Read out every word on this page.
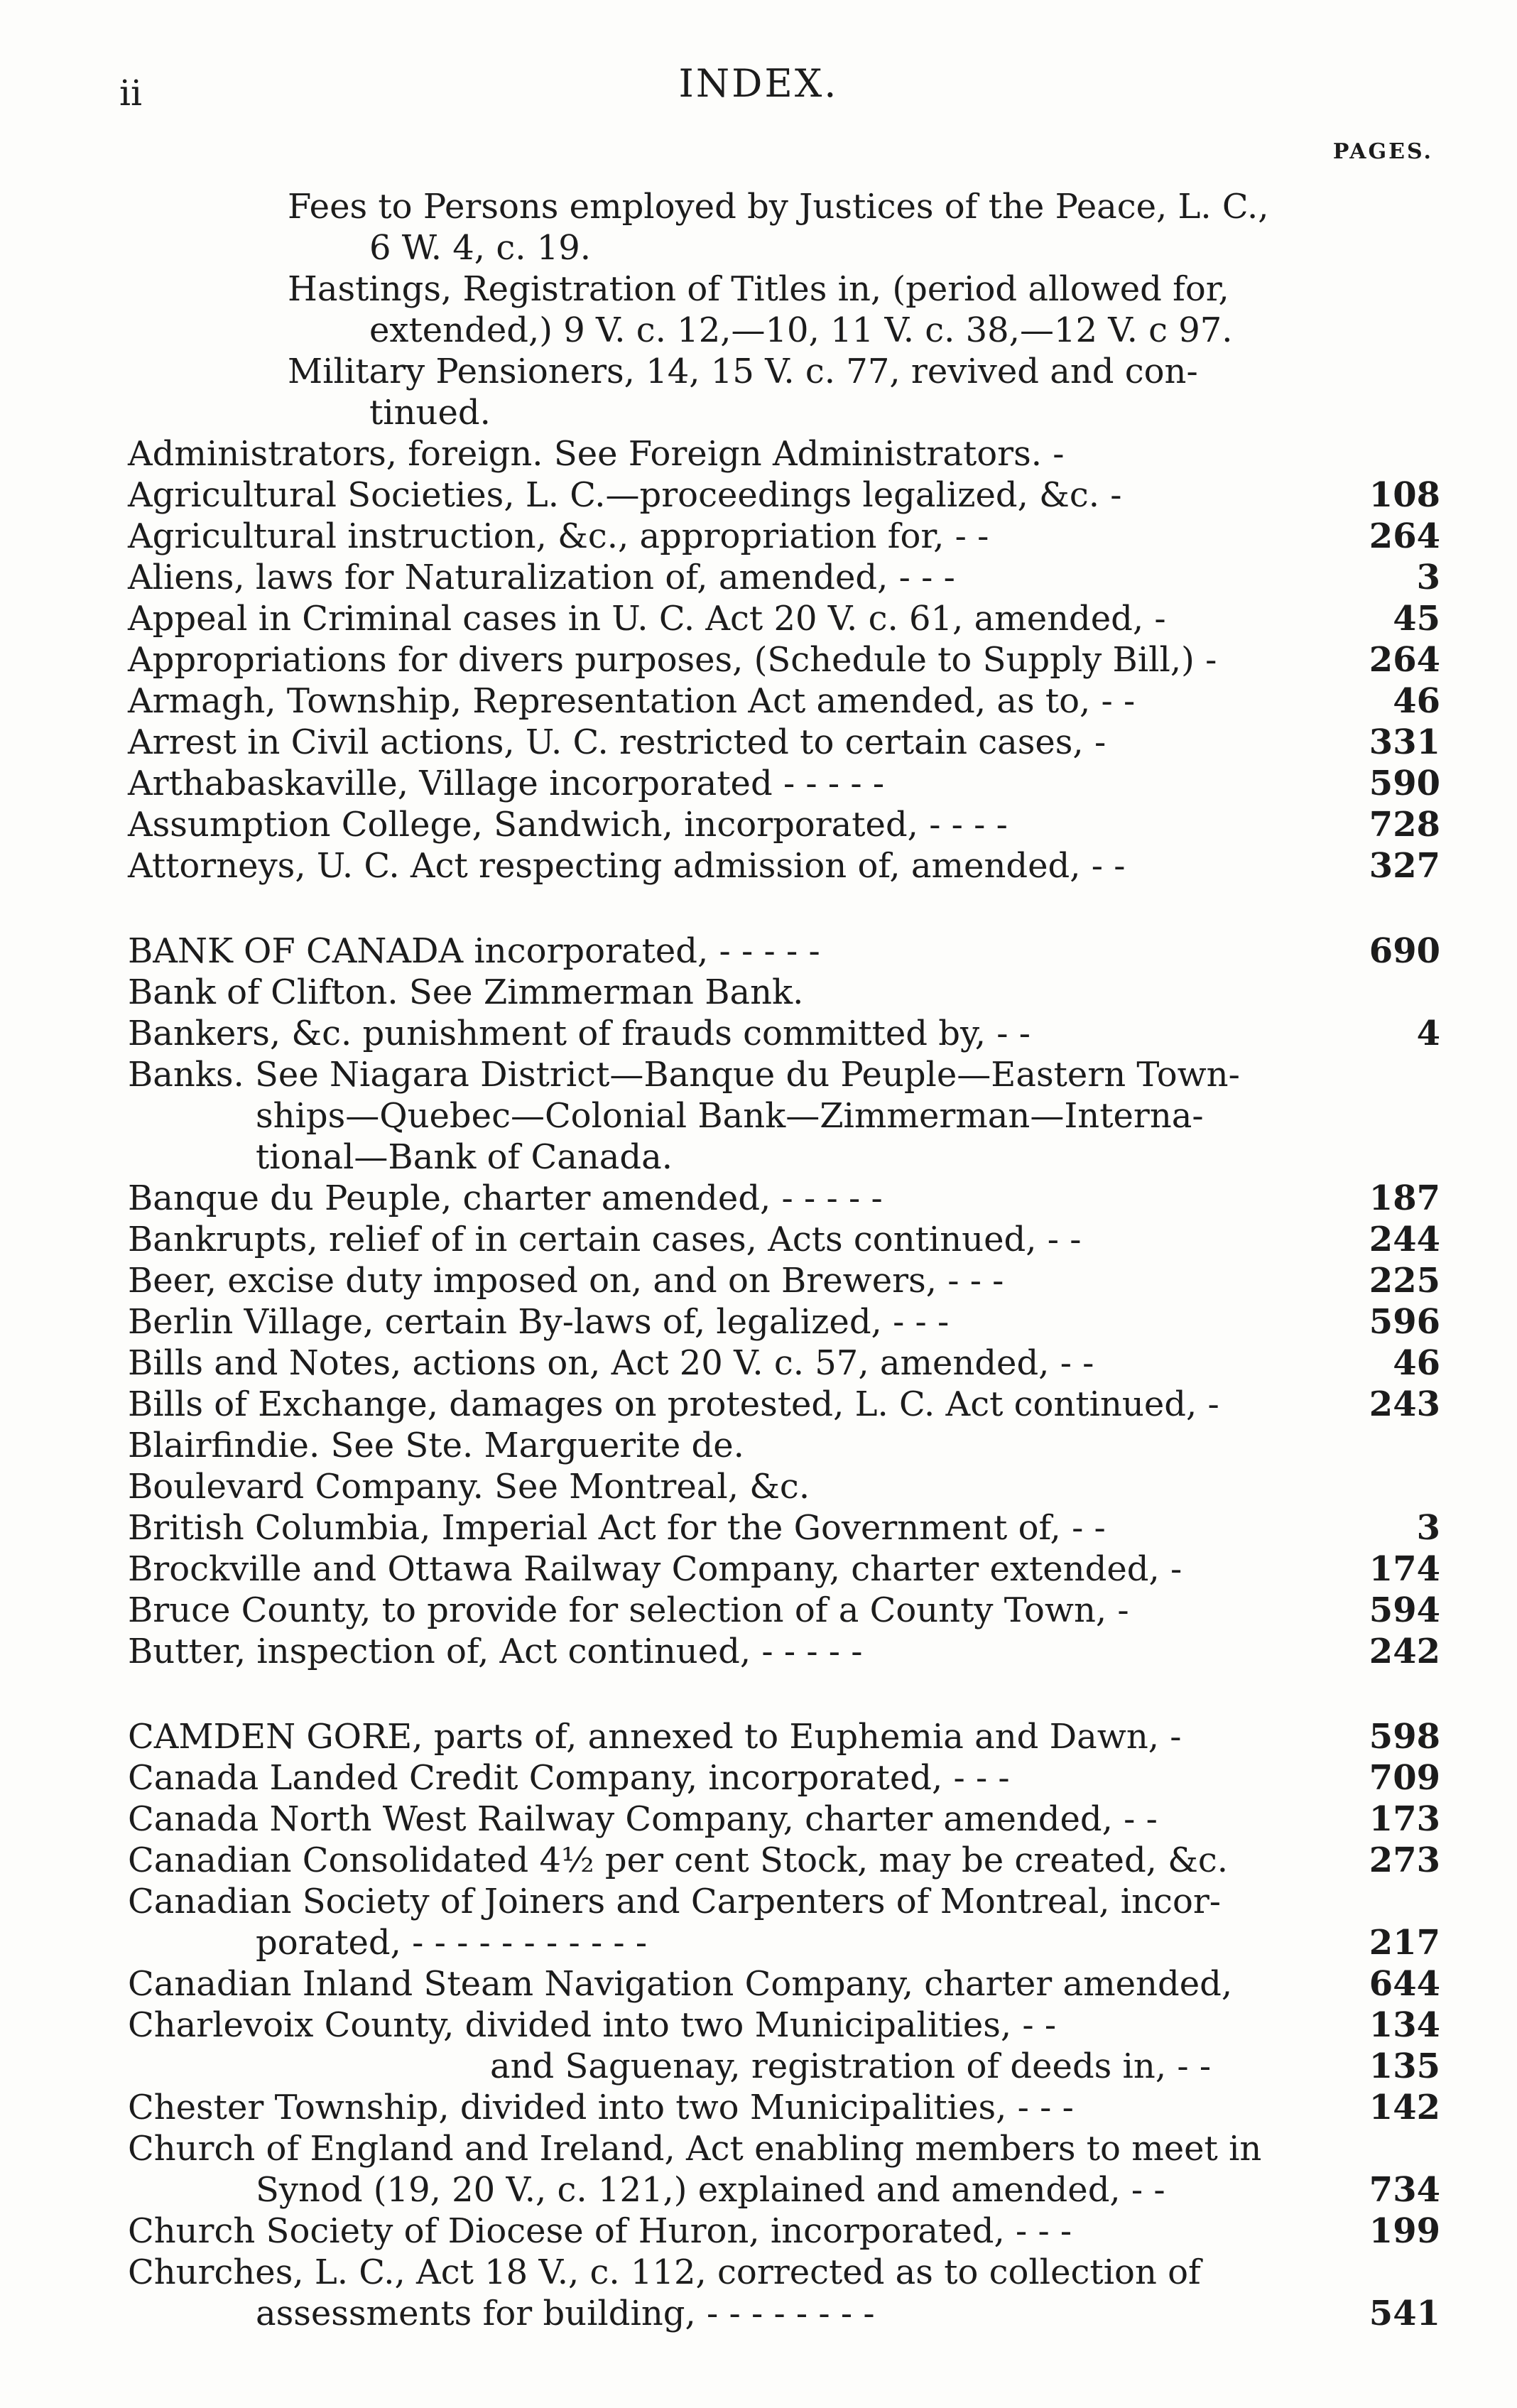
ii	INDEX.
PAGES.
Fees to Persons employed by Justices of the Peace, L. C.,
6 W. 4, c. 19.
Hastings, Registration of Titles in, (period allowed for,
extended,) 9 V. c. 12,—10, 11 V. c. 38,—12 V. c 97.
Military Pensioners, 14, 15 V. c. 77, revived and con-
tinued.
Administrators, foreign. See Foreign Administrators. -
Agricultural Societies, L. C.—proceedings legalized, &c. -	108
Agricultural instruction, &c., appropriation for, - -	264
Aliens, laws for Naturalization of, amended, - - -	3
Appeal in Criminal cases in U. C. Act 20 V. c. 61, amended, -	45
Appropriations for divers purposes, (Schedule to Supply Bill,) -	264
Armagh, Township, Representation Act amended, as to, - -	46
Arrest in Civil actions, U. C. restricted to certain cases, -	331
Arthabaskaville, Village incorporated - - - - -	590
Assumption College, Sandwich, incorporated, - - - -	728
Attorneys, U. C. Act respecting admission of, amended, - -	327
BANK OF CANADA incorporated, - - - - -	690
Bank of Clifton. See Zimmerman Bank.
Bankers, &c. punishment of frauds committed by, - -	4
Banks. See Niagara District—Banque du Peuple—Eastern Town-
ships—Quebec—Colonial Bank—Zimmerman—Interna-
tional—Bank of Canada.
Banque du Peuple, charter amended, - - - - -	187
Bankrupts, relief of in certain cases, Acts continued, - -	244
Beer, excise duty imposed on, and on Brewers, - - -	225
Berlin Village, certain By-laws of, legalized, - - -	596
Bills and Notes, actions on, Act 20 V. c. 57, amended, - -	46
Bills of Exchange, damages on protested, L. C. Act continued, -	243
Blairfindie. See Ste. Marguerite de.
Boulevard Company. See Montreal, &c.
British Columbia, Imperial Act for the Government of, - -	3
Brockville and Ottawa Railway Company, charter extended, -	174
Bruce County, to provide for selection of a County Town, -	594
Butter, inspection of, Act continued, - - - - -	242
CAMDEN GORE, parts of, annexed to Euphemia and Dawn, -	598
Canada Landed Credit Company, incorporated, - - -	709
Canada North West Railway Company, charter amended, - -	173
Canadian Consolidated 4½ per cent Stock, may be created, &c.	273
Canadian Society of Joiners and Carpenters of Montreal, incor-
porated, - - - - - - - - - - -	217
Canadian Inland Steam Navigation Company, charter amended,	644
Charlevoix County, divided into two Municipalities, - -	134
and Saguenay, registration of deeds in, - -	135
Chester Township, divided into two Municipalities, - - -	142
Church of England and Ireland, Act enabling members to meet in
Synod (19, 20 V., c. 121,) explained and amended, - -	734
Church Society of Diocese of Huron, incorporated, - - -	199
Churches, L. C., Act 18 V., c. 112, corrected as to collection of
assessments for building, - - - - - - - -	541
